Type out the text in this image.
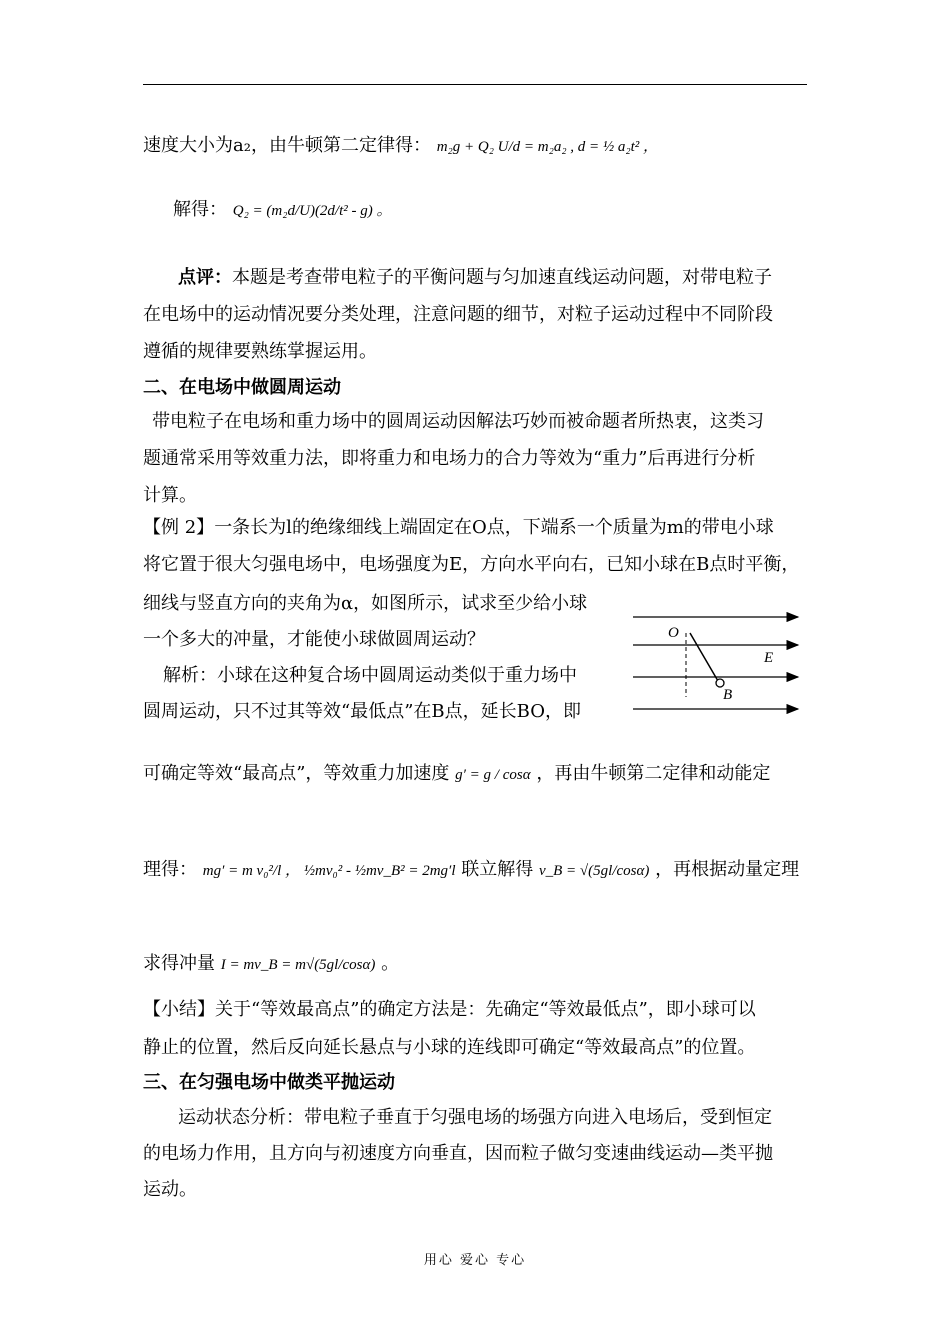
速度大小为a₂，由牛顿第二定律得： m₂g + Q₂ U/d = m₂a₂ , d = ½ a₂t² ，
解得： Q₂ = (m₂d/U)(2d/t² - g) 。
点评：本题是考查带电粒子的平衡问题与匀加速直线运动问题，对带电粒子
在电场中的运动情况要分类处理，注意问题的细节，对粒子运动过程中不同阶段
遵循的规律要熟练掌握运用。
二、在电场中做圆周运动
带电粒子在电场和重力场中的圆周运动因解法巧妙而被命题者所热衷，这类习
题通常采用等效重力法，即将重力和电场力的合力等效为“重力”后再进行分析
计算。
【例 2】一条长为l的绝缘细线上端固定在O点，下端系一个质量为m的带电小球
将它置于很大匀强电场中，电场强度为E，方向水平向右，已知小球在B点时平衡，
细线与竖直方向的夹角为α，如图所示，试求至少给小球
一个多大的冲量，才能使小球做圆周运动？
解析：小球在这种复合场中圆周运动类似于重力场中
圆周运动，只不过其等效“最低点”在B点，延长BO，即
O
E
B
可确定等效“最高点”，等效重力加速度 g′ = g / cosα ，再由牛顿第二定律和动能定
理得： mg′ = m v₀²/l ， ½mv₀² - ½mv_B² = 2mg′l 联立解得 v_B = √(5gl/cosα) ，再根据动量定理
求得冲量 I = mv_B = m√(5gl/cosα) 。
【小结】关于“等效最高点”的确定方法是：先确定“等效最低点”，即小球可以
静止的位置，然后反向延长悬点与小球的连线即可确定“等效最高点”的位置。
三、在匀强电场中做类平抛运动
运动状态分析：带电粒子垂直于匀强电场的场强方向进入电场后，受到恒定
的电场力作用，且方向与初速度方向垂直，因而粒子做匀变速曲线运动—类平抛
运动。
用心 爱心 专心
